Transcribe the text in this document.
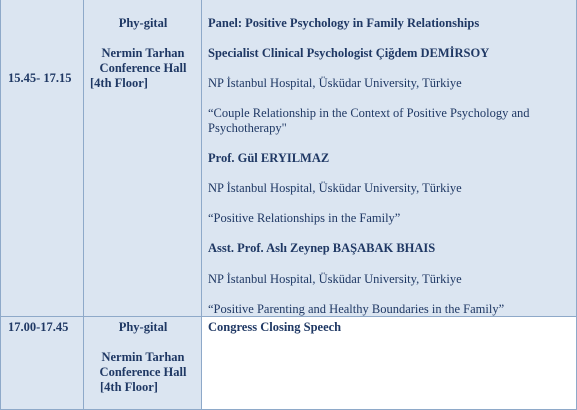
15.45- 17.15
Phy-gital
Nermin Tarhan
Conference Hall
[4th Floor]
Panel: Positive Psychology in Family Relationships
Specialist Clinical Psychologist Çiğdem DEMİRSOY
NP İstanbul Hospital, Üsküdar University, Türkiye
“Couple Relationship in the Context of Positive Psychology and
Psychotherapy"
Prof. Gül ERYILMAZ
NP İstanbul Hospital, Üsküdar University, Türkiye
“Positive Relationships in the Family”
Asst. Prof. Aslı Zeynep BAŞABAK BHAIS
NP İstanbul Hospital, Üsküdar University, Türkiye
“Positive Parenting and Healthy Boundaries in the Family”
17.00-17.45	Phy-gital
Nermin Tarhan
Conference Hall
[4th Floor]
Congress Closing Speech
